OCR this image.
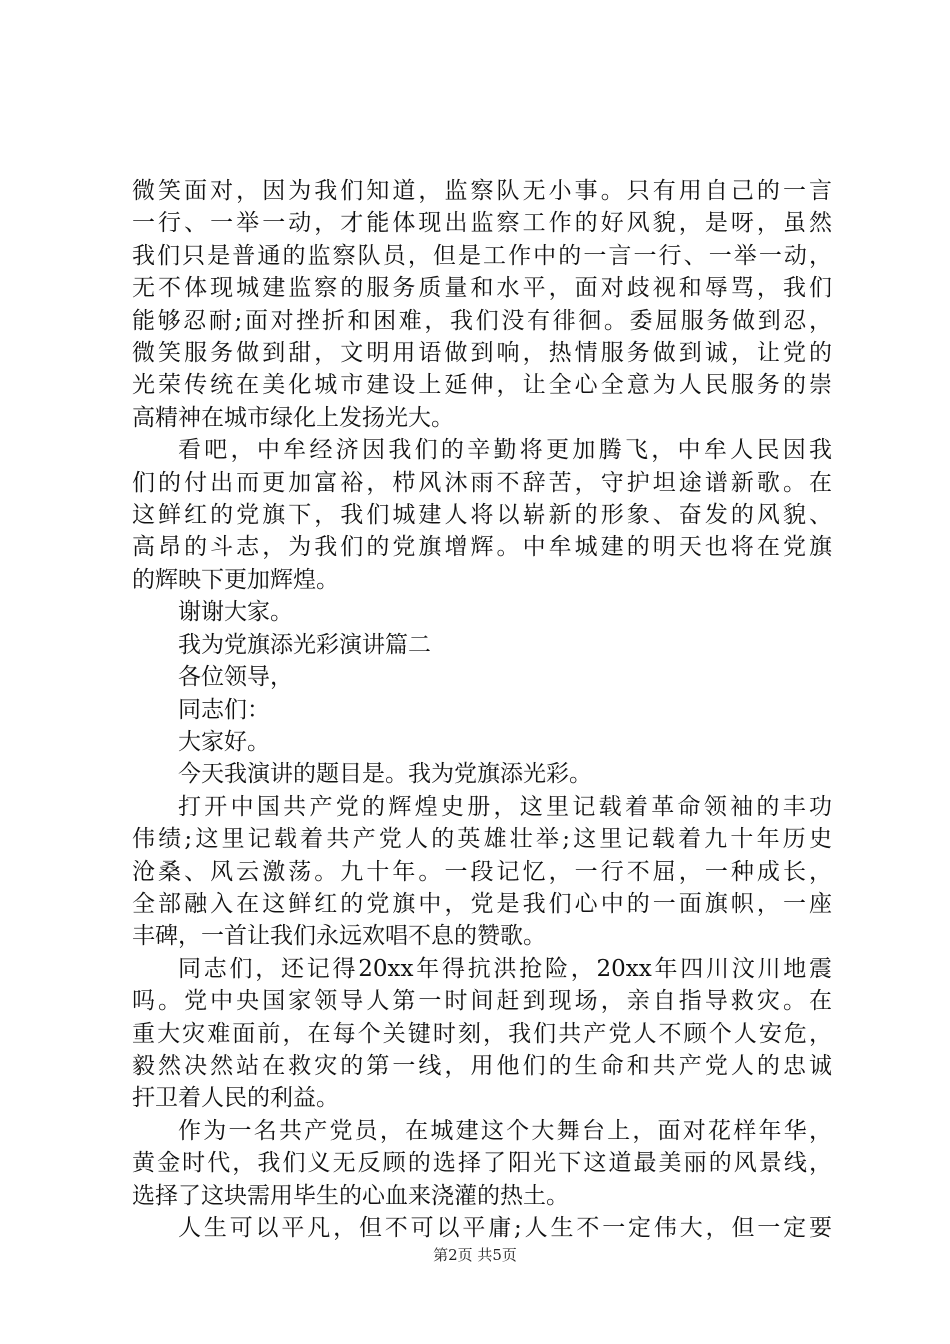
微笑面对，因为我们知道，监察队无小事。只有用自己的一言

一行、一举一动，才能体现出监察工作的好风貌，是呀，虽然

我们只是普通的监察队员，但是工作中的一言一行、一举一动，

无不体现城建监察的服务质量和水平，面对歧视和辱骂，我们

能够忍耐;面对挫折和困难，我们没有徘徊。委屈服务做到忍，

微笑服务做到甜，文明用语做到响，热情服务做到诚，让党的

光荣传统在美化城市建设上延伸，让全心全意为人民服务的崇

高精神在城市绿化上发扬光大。

看吧，中牟经济因我们的辛勤将更加腾飞，中牟人民因我

们的付出而更加富裕，栉风沐雨不辞苦，守护坦途谱新歌。在

这鲜红的党旗下，我们城建人将以崭新的形象、奋发的风貌、

高昂的斗志，为我们的党旗增辉。中牟城建的明天也将在党旗

的辉映下更加辉煌。

谢谢大家。

我为党旗添光彩演讲篇二

各位领导，

同志们：

大家好。

今天我演讲的题目是。我为党旗添光彩。

打开中国共产党的辉煌史册，这里记载着革命领袖的丰功

伟绩;这里记载着共产党人的英雄壮举;这里记载着九十年历史

沧桑、风云激荡。九十年。一段记忆，一行不屈，一种成长，

全部融入在这鲜红的党旗中，党是我们心中的一面旗帜，一座

丰碑，一首让我们永远欢唱不息的赞歌。

同志们，还记得20xx年得抗洪抢险，20xx年四川汶川地震

吗。党中央国家领导人第一时间赶到现场，亲自指导救灾。在

重大灾难面前，在每个关键时刻，我们共产党人不顾个人安危，

毅然决然站在救灾的第一线，用他们的生命和共产党人的忠诚

扞卫着人民的利益。

作为一名共产党员，在城建这个大舞台上，面对花样年华，

黄金时代，我们义无反顾的选择了阳光下这道最美丽的风景线，

选择了这块需用毕生的心血来浇灌的热土。

人生可以平凡，但不可以平庸;人生不一定伟大，但一定要

第2页 共5页
